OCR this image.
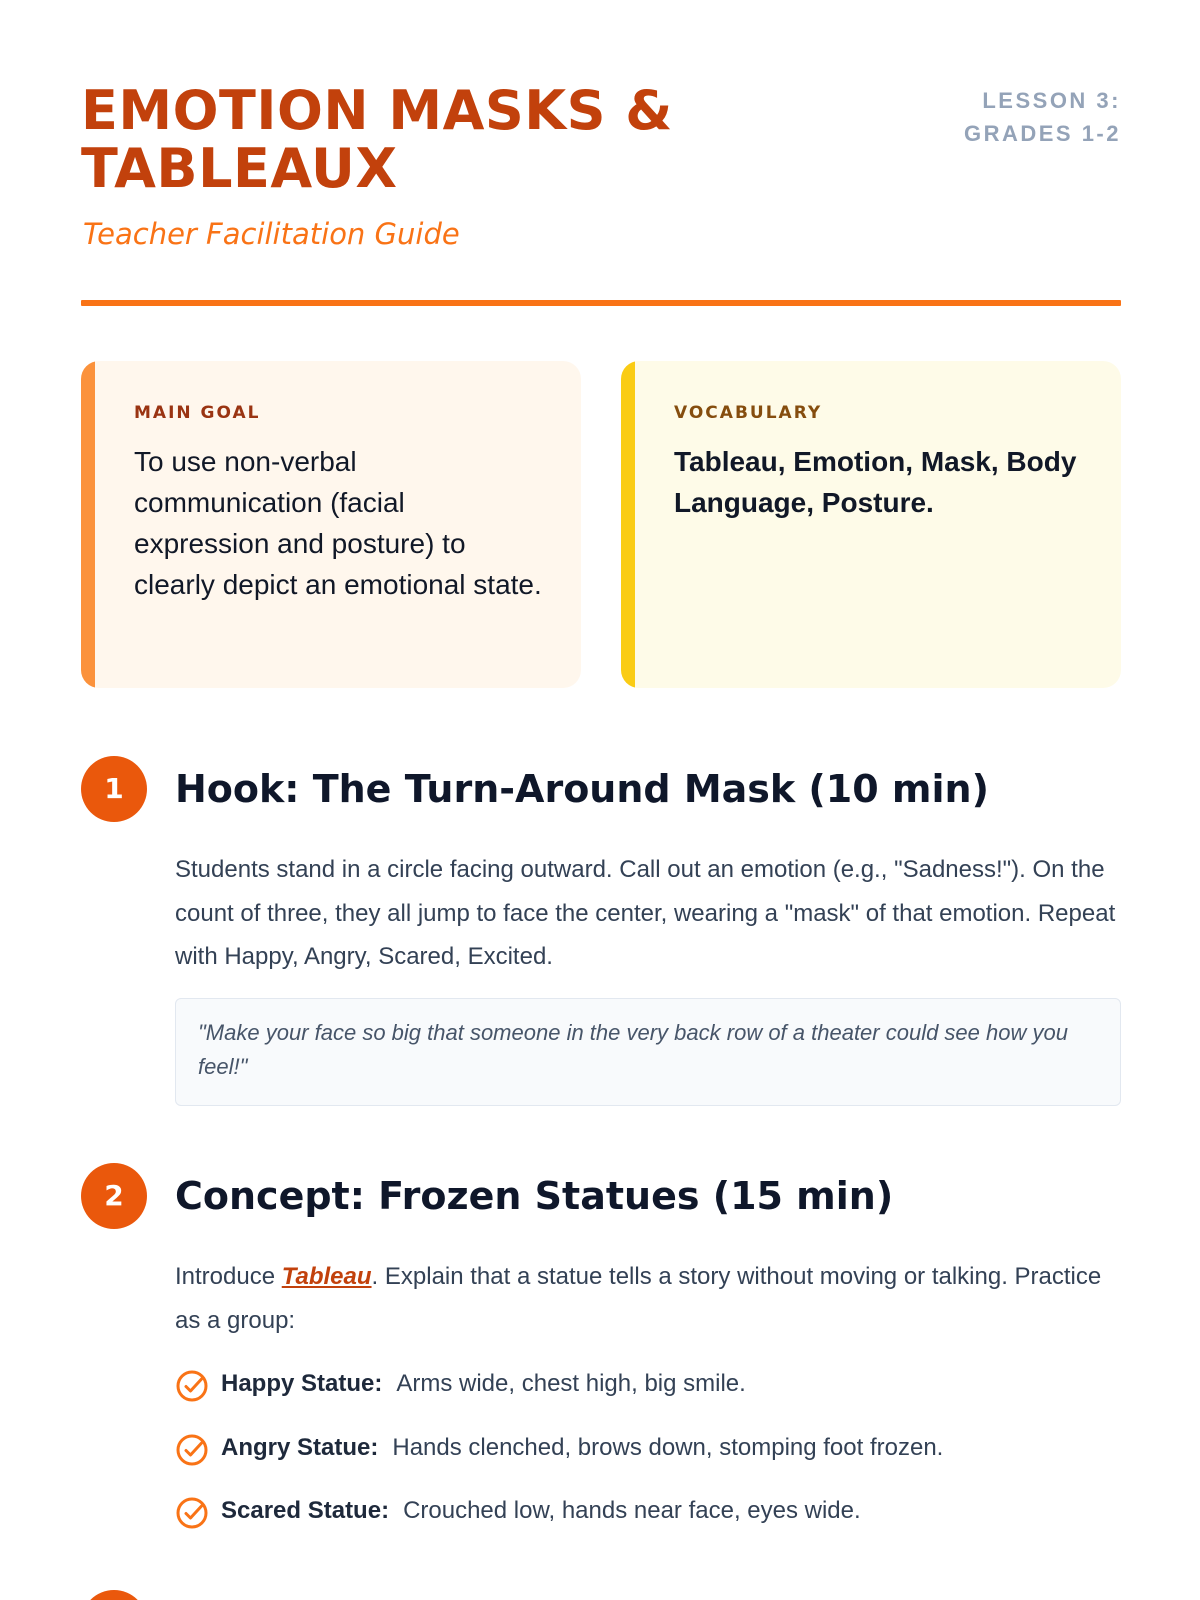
EMOTION MASKS & TABLEAUX
Teacher Facilitation Guide
LESSON 3:
GRADES 1-2
MAIN GOAL
To use non-verbal communication (facial expression and posture) to clearly depict an emotional state.
VOCABULARY
Tableau, Emotion, Mask, Body Language, Posture.
1	Hook: The Turn-Around Mask (10 min)

Students stand in a circle facing outward. Call out an emotion (e.g., "Sadness!"). On the count of three, they all jump to face the center, wearing a "mask" of that emotion. Repeat with Happy, Angry, Scared, Excited.

"Make your face so big that someone in the very back row of a theater could see how you feel!"

2	Concept: Frozen Statues (15 min)

Introduce Tableau. Explain that a statue tells a story without moving or talking. Practice as a group:

Happy Statue: Arms wide, chest high, big smile.
Angry Statue: Hands clenched, brows down, stomping foot frozen.
Scared Statue: Crouched low, hands near face, eyes wide.
